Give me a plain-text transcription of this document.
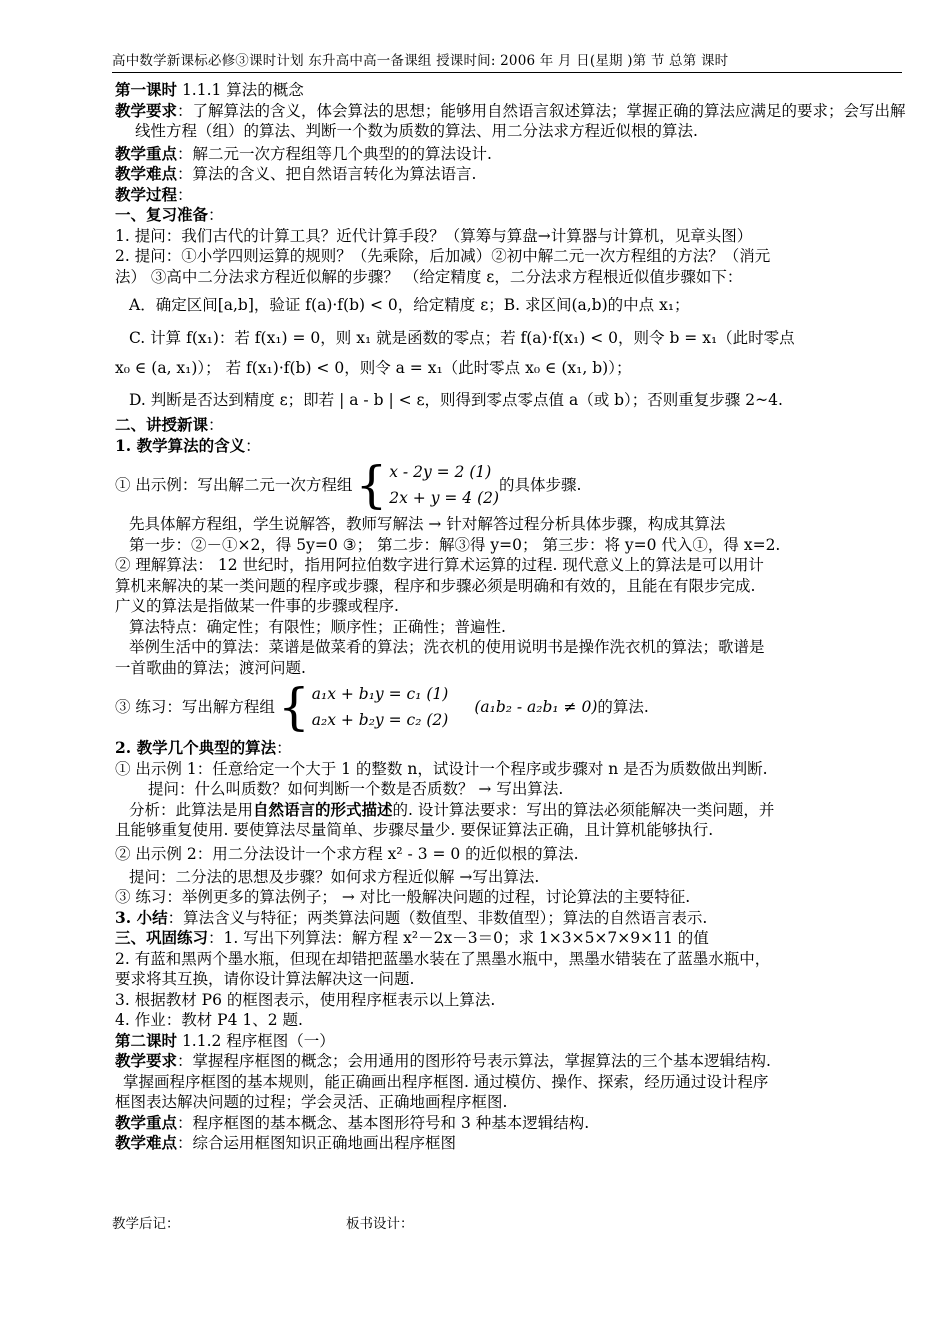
高中数学新课标必修③课时计划 东升高中高一备课组 授课时间: 2006 年 月 日(星期 )第 节 总第 课时
第一课时 1.1.1 算法的概念
教学要求：了解算法的含义，体会算法的思想；能够用自然语言叙述算法；掌握正确的算法应满足的要求；会写出解线性方程（组）的算法、判断一个数为质数的算法、用二分法求方程近似根的算法.
教学重点：解二元一次方程组等几个典型的的算法设计.
教学难点：算法的含义、把自然语言转化为算法语言.
教学过程：
一、复习准备：
1. 提问：我们古代的计算工具？近代计算手段？（算筹与算盘→计算器与计算机，见章头图）
2. 提问：①小学四则运算的规则？（先乘除，后加减）②初中解二元一次方程组的方法？（消元
法） ③高中二分法求方程近似解的步骤？ （给定精度 ε，二分法求方程根近似值步骤如下：
A．确定区间[a,b]，验证 f(a)·f(b) < 0，给定精度 ε；B. 求区间(a,b)的中点 x₁；
C. 计算 f(x₁)：若 f(x₁) = 0，则 x₁ 就是函数的零点；若 f(a)·f(x₁) < 0，则令 b = x₁（此时零点
x₀ ∈ (a, x₁)）； 若 f(x₁)·f(b) < 0，则令 a = x₁（此时零点 x₀ ∈ (x₁, b)）；
D. 判断是否达到精度 ε；即若 | a - b | < ε，则得到零点零点值 a（或 b）；否则重复步骤 2~4.
二、讲授新课：
1. 教学算法的含义：
① 出示例：写出解二元一次方程组 { x - 2y = 2 (1)
2x + y = 4 (2)
的具体步骤.
先具体解方程组，学生说解答，教师写解法 → 针对解答过程分析具体步骤，构成其算法
第一步：②－①×2，得 5y=0 ③； 第二步：解③得 y=0； 第三步：将 y=0 代入①，得 x=2.
② 理解算法： 12 世纪时，指用阿拉伯数字进行算术运算的过程. 现代意义上的算法是可以用计
算机来解决的某一类问题的程序或步骤，程序和步骤必须是明确和有效的，且能在有限步完成.
广义的算法是指做某一件事的步骤或程序.
算法特点：确定性；有限性；顺序性；正确性；普遍性.
举例生活中的算法：菜谱是做菜肴的算法；洗衣机的使用说明书是操作洗衣机的算法；歌谱是
一首歌曲的算法；渡河问题.
③ 练习：写出解方程组 { a₁x + b₁y = c₁ (1)
a₂x + b₂y = c₂ (2)
(a₁b₂ - a₂b₁ ≠ 0) 的算法.
2. 教学几个典型的算法：
① 出示例 1：任意给定一个大于 1 的整数 n，试设计一个程序或步骤对 n 是否为质数做出判断.
提问：什么叫质数？如何判断一个数是否质数？ → 写出算法.
分析：此算法是用自然语言的形式描述的. 设计算法要求：写出的算法必须能解决一类问题，并
且能够重复使用. 要使算法尽量简单、步骤尽量少. 要保证算法正确，且计算机能够执行.
② 出示例 2：用二分法设计一个求方程 x² - 3 = 0 的近似根的算法.
提问：二分法的思想及步骤？如何求方程近似解 →写出算法.
③ 练习：举例更多的算法例子； → 对比一般解决问题的过程，讨论算法的主要特征.
3. 小结：算法含义与特征；两类算法问题（数值型、非数值型）；算法的自然语言表示.
三、巩固练习：1. 写出下列算法：解方程 x²－2x－3＝0；求 1×3×5×7×9×11 的值
2. 有蓝和黑两个墨水瓶，但现在却错把蓝墨水装在了黑墨水瓶中，黑墨水错装在了蓝墨水瓶中，
要求将其互换，请你设计算法解决这一问题.
3. 根据教材 P6 的框图表示，使用程序框表示以上算法.
4. 作业：教材 P4 1、2 题.
第二课时 1.1.2 程序框图（一）
教学要求：掌握程序框图的概念；会用通用的图形符号表示算法，掌握算法的三个基本逻辑结构.
掌握画程序框图的基本规则，能正确画出程序框图. 通过模仿、操作、探索，经历通过设计程序
框图表达解决问题的过程；学会灵活、正确地画程序框图.
教学重点：程序框图的基本概念、基本图形符号和 3 种基本逻辑结构.
教学难点：综合运用框图知识正确地画出程序框图
教学后记：	板书设计：
